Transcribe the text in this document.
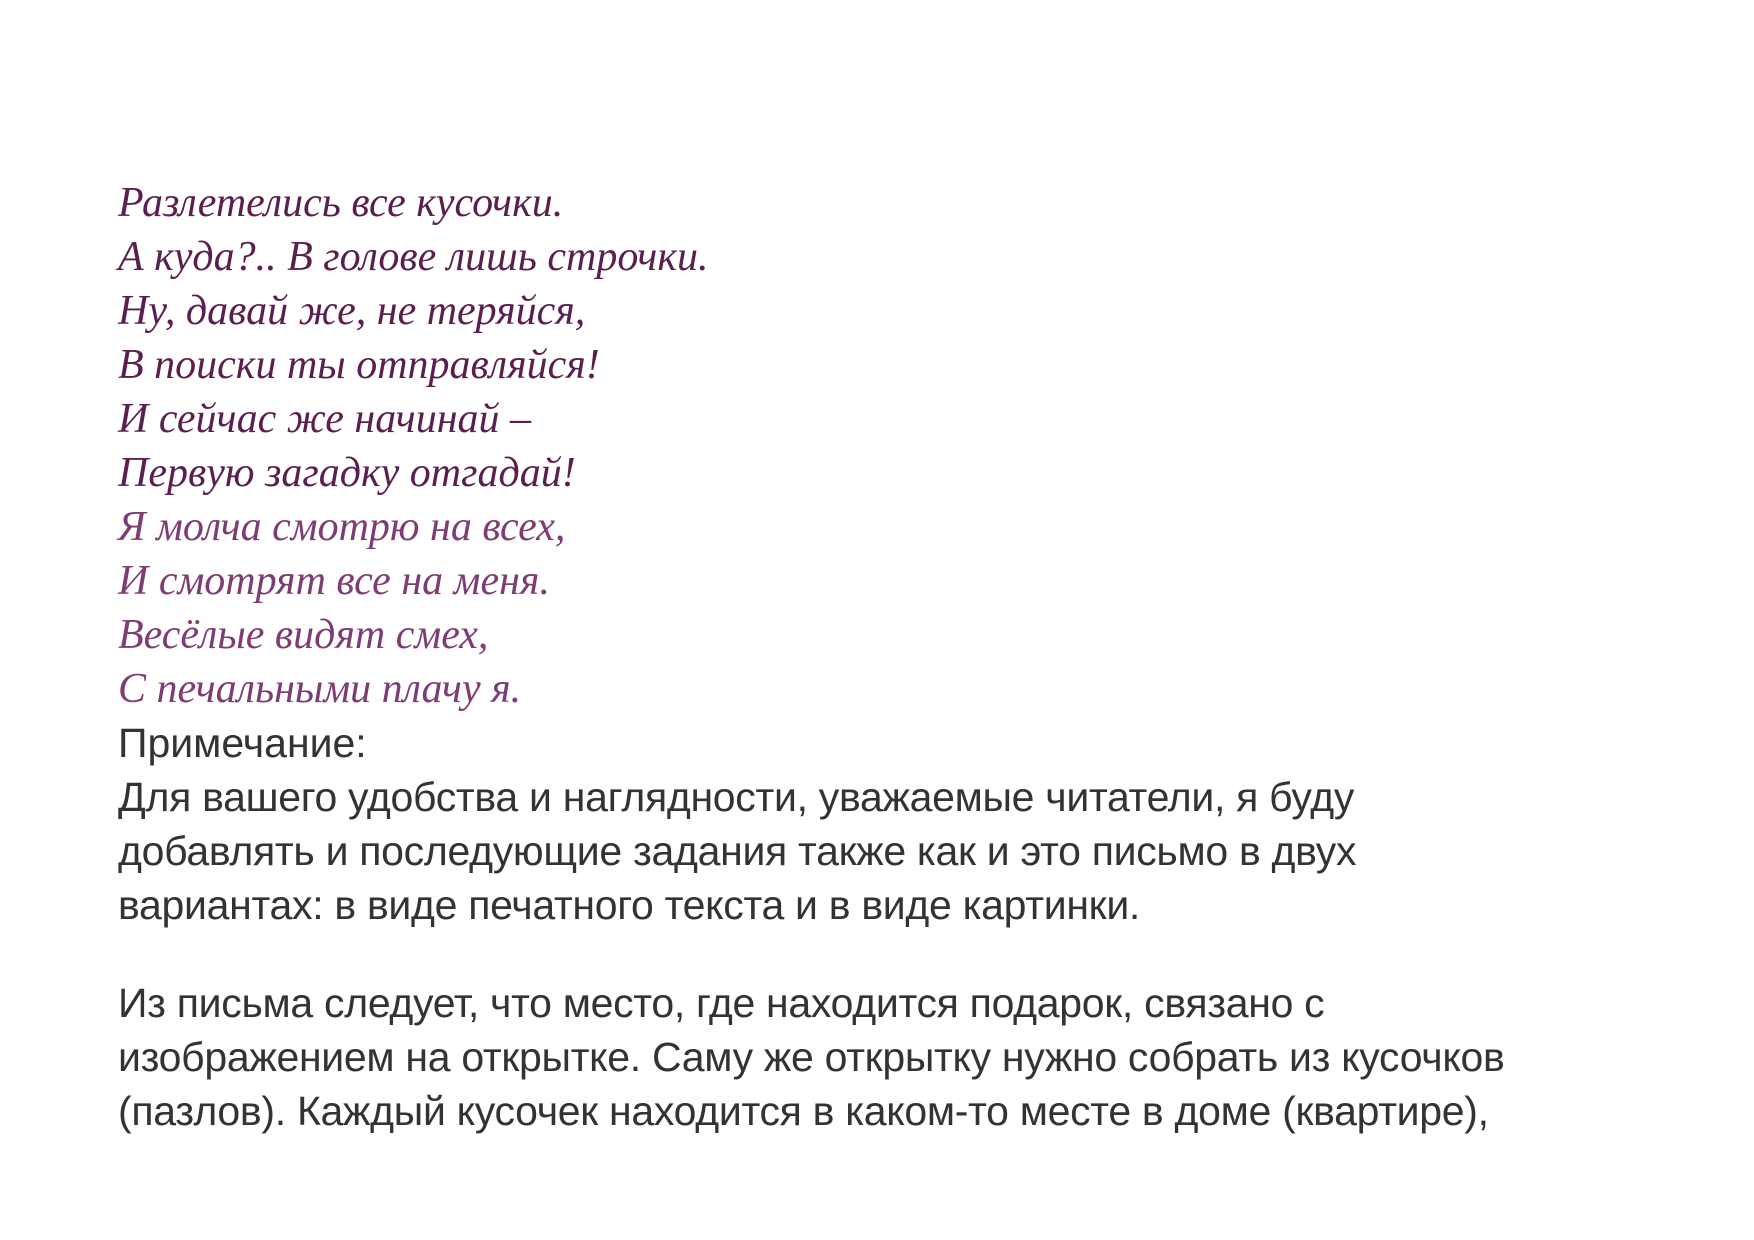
Разлетелись все кусочки.
А куда?.. В голове лишь строчки.
Ну, давай же, не теряйся,
В поиски ты отправляйся!
И сейчас же начинай –
Первую загадку отгадай!
Я молча смотрю на всех,
И смотрят все на меня.
Весёлые видят смех,
С печальными плачу я.
Примечание:
Для вашего удобства и наглядности, уважаемые читатели, я буду
добавлять и последующие задания также как и это письмо в двух
вариантах: в виде печатного текста и в виде картинки.
Из письма следует, что место, где находится подарок, связано с
изображением на открытке. Саму же открытку нужно собрать из кусочков
(пазлов). Каждый кусочек находится в каком-то месте в доме (квартире),
